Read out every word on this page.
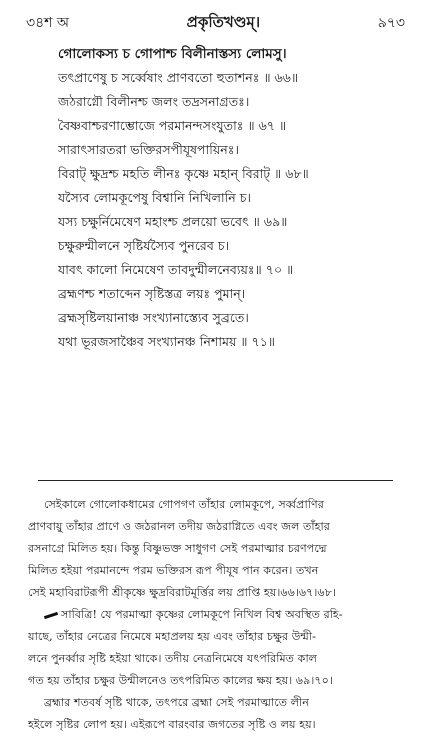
৩৪শ অ	প্রকৃতিখণ্ডম্।	৯৭৩
গোলোকস্য চ গোপাশ্চ বিলীনাস্তস্য লোমসু।
তৎপ্রাণেষু চ সর্ব্বেষাং প্রাণবতো হুতাশনঃ ॥ ৬৬॥
জঠরাগ্নৌ বিলীনশ্চ জলং তদ্রসনাগ্রতঃ।
বৈষ্ণবাশ্চরণাম্ভোজে পরমানন্দসংযুতাঃ ॥ ৬৭ ॥
সারাৎসারতরা ভক্তিরসপীযূষপায়িনঃ।
বিরাট্ ক্ষুদ্রশ্চ মহতি লীনঃ কৃষ্ণে মহান্ বিরাট্ ॥ ৬৮॥
যস্যৈব লোমকূপেষু বিশ্বানি নিখিলানি চ।
যস্য চক্ষুর্নিমেষেণ মহাংশ্চ প্রলয়ো ভবেৎ ॥ ৬৯॥
চক্ষুরুন্মীলনে সৃষ্টির্যস্যৈব পুনরেব চ।
যাবৎ কালো নিমেষেণ তাবদুন্মীলনেব্যয়ঃ॥ ৭০ ॥
ব্রহ্মণশ্চ শতাব্দেন সৃষ্টিস্তত্র লয়ঃ পুমান্।
ব্রহ্মসৃষ্টিলয়ানাঞ্চ সংখ্যানাস্ত্যেব সুব্রতে।
যথা ভূরজসাঞ্চৈব সংখ্যানঞ্চ নিশাময় ॥ ৭১॥
সেইকালে গোলোকধামের গোপগণ তাঁহার লোমকূপে, সর্ব্বপ্রাণির
প্রাণবায়ু তাঁহার প্রাণে ও জঠরানল তদীয় জঠরাগ্নিতে এবং জল তাঁহার
রসনাগ্রে মিলিত হয়। কিন্তু বিষ্ণুভক্ত সাধুগণ সেই পরমাত্মার চরণপদ্মে
মিলিত হইয়া পরমানন্দে পরম ভক্তিরস রূপ পীযূষ পান করেন। তখন
সেই মহাবিরাটরূপী শ্রীকৃষ্ণে ক্ষুদ্রবিরাটমূর্ত্তির লয় প্রাপ্তি হয়।৬৬।৬৭।৬৮।
সাবিত্রি! যে পরমাত্মা কৃষ্ণের লোমকূপে নিখিল বিশ্ব অবস্থিত রহি-
য়াছে, তাঁহার নেত্রের নিমেষে মহাপ্রলয় হয় এবং তাঁহার চক্ষুর উন্মী-
লনে পুনর্ব্বার সৃষ্টি হইয়া থাকে। তদীয় নেত্রনিমেষে যৎপরিমিত কাল
গত হয় তাঁহার চক্ষুর উন্মীলনেও তৎপরিমিত কালের ক্ষয় হয়। ৬৯।৭০।
ব্রহ্মার শতবর্ষ সৃষ্টি থাকে, তৎপরে ব্রহ্মা সেই পরমাত্মাতে লীন
হইলে সৃষ্টির লোপ হয়। এইরূপে বারংবার জগতের সৃষ্টি ও লয় হয়।
